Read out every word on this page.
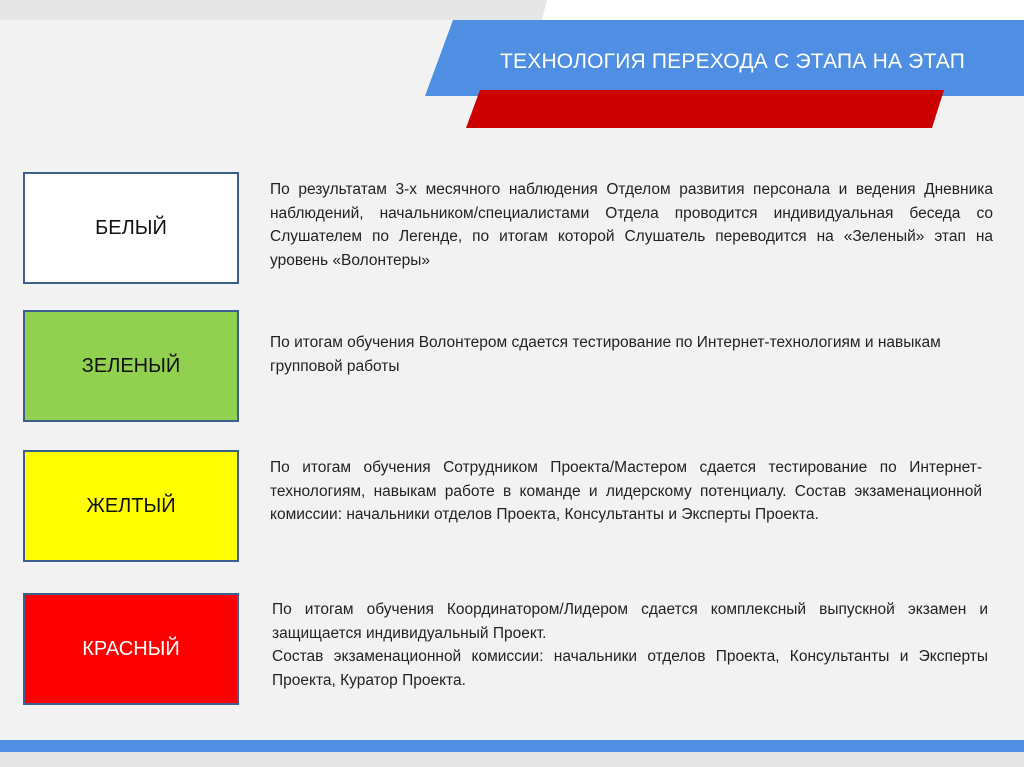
ТЕХНОЛОГИЯ ПЕРЕХОДА С ЭТАПА НА ЭТАП
БЕЛЫЙ

По результатам 3-х месячного наблюдения Отделом развития персонала и ведения Дневника наблюдений, начальником/специалистами Отдела проводится индивидуальная беседа со Слушателем по Легенде, по итогам которой Слушатель переводится на «Зеленый» этап на уровень «Волонтеры»

ЗЕЛЕНЫЙ

По итогам обучения Волонтером сдается тестирование по Интернет-технологиям и навыкам групповой работы

ЖЕЛТЫЙ

По итогам обучения Сотрудником Проекта/Мастером сдается тестирование по Интернет-технологиям, навыкам работе в команде и лидерскому потенциалу. Состав экзаменационной комиссии: начальники отделов Проекта, Консультанты и Эксперты Проекта.

КРАСНЫЙ

По итогам обучения Координатором/Лидером сдается комплексный выпускной экзамен и защищается индивидуальный Проект.

Состав экзаменационной комиссии: начальники отделов Проекта, Консультанты и Эксперты Проекта, Куратор Проекта.
